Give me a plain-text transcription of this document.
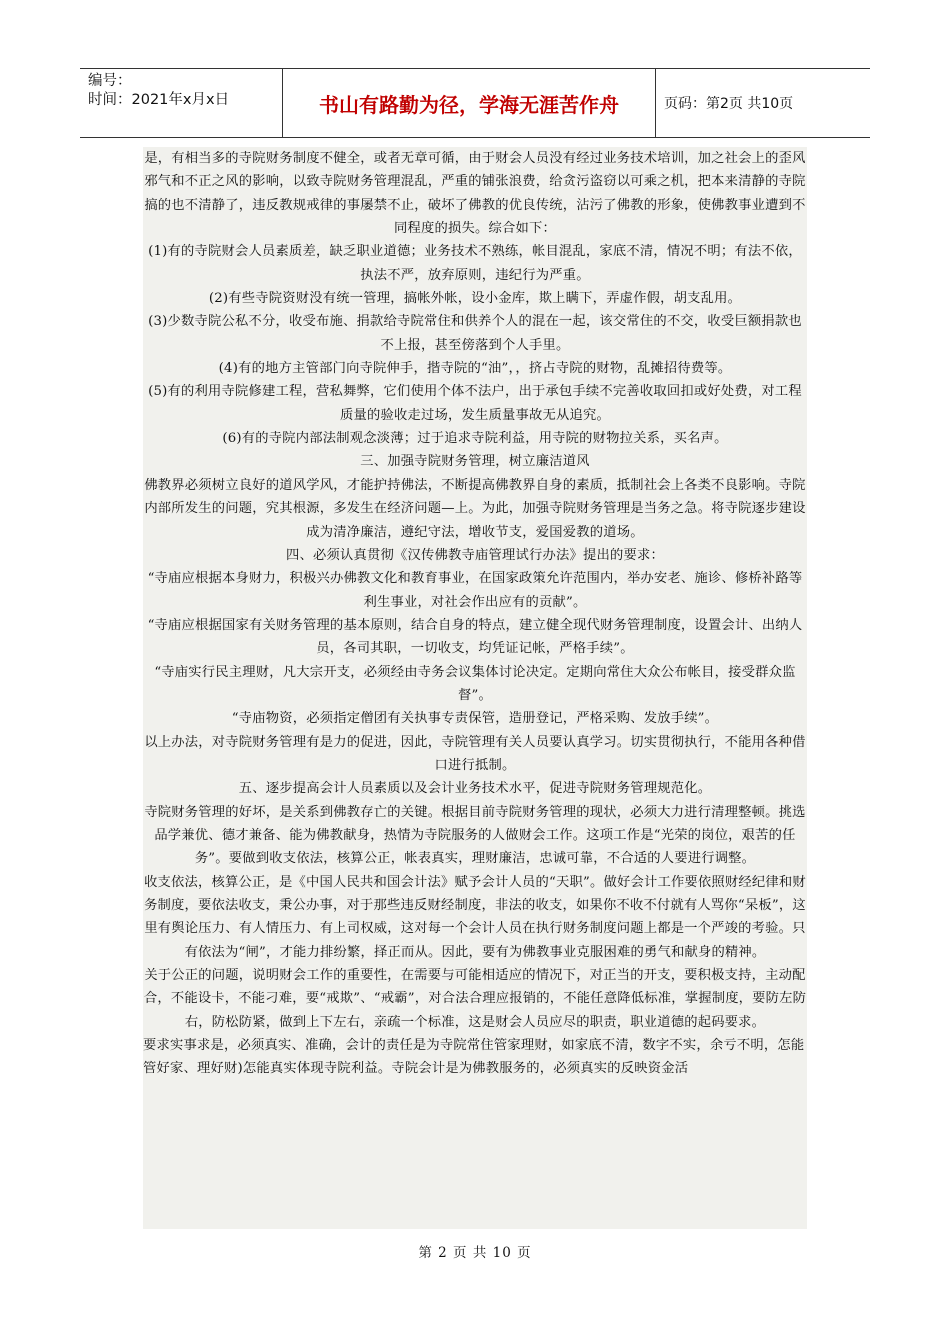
编号：
时间：2021年x月x日	书山有路勤为径，学海无涯苦作舟	页码：第2页 共10页

是，有相当多的寺院财务制度不健全，或者无章可循，由于财会人员没有经过业务技术培训，加之社会上的歪风邪气和不正之风的影响，以致寺院财务管理混乱，严重的铺张浪费，给贪污盗窃以可乘之机，把本来清静的寺院搞的也不清静了，违反教规戒律的事屡禁不止，破坏了佛教的优良传统，沾污了佛教的形象，使佛教事业遭到不同程度的损失。综合如下：

(1)有的寺院财会人员素质差，缺乏职业道德；业务技术不熟练，帐目混乱，家底不清，情况不明；有法不依，执法不严，放弃原则，违纪行为严重。

(2)有些寺院资财没有统一管理，搞帐外帐，设小金库，欺上瞒下，弄虚作假，胡支乱用。

(3)少数寺院公私不分，收受布施、捐款给寺院常住和供养个人的混在一起，该交常住的不交，收受巨额捐款也不上报，甚至傍落到个人手里。

(4)有的地方主管部门向寺院伸手，揩寺院的“油”，，挤占寺院的财物，乱摊招待费等。

(5)有的利用寺院修建工程，营私舞弊，它们使用个体不法户，出于承包手续不完善收取回扣或好处费，对工程质量的验收走过场，发生质量事故无从追究。

(6)有的寺院内部法制观念淡薄；过于追求寺院利益，用寺院的财物拉关系，买名声。

三、加强寺院财务管理，树立廉洁道风

佛教界必须树立良好的道风学风，才能护持佛法，不断提高佛教界自身的素质，抵制社会上各类不良影响。寺院内部所发生的问题，究其根源，多发生在经济问题—上。为此，加强寺院财务管理是当务之急。将寺院逐步建设成为清净廉洁，遵纪守法，增收节支，爱国爱教的道场。

四、必须认真贯彻《汉传佛教寺庙管理试行办法》提出的要求：

“寺庙应根据本身财力，积极兴办佛教文化和教育事业，在国家政策允许范围内，举办安老、施诊、修桥补路等利生事业，对社会作出应有的贡献”。

“寺庙应根据国家有关财务管理的基本原则，结合自身的特点，建立健全现代财务管理制度，设置会计、出纳人员，各司其职，一切收支，均凭证记帐，严格手续”。

“寺庙实行民主理财，凡大宗开支，必须经由寺务会议集体讨论决定。定期向常住大众公布帐目，接受群众监督”。

“寺庙物资，必须指定僧团有关执事专责保管，造册登记，严格采购、发放手续”。

以上办法，对寺院财务管理有是力的促进，因此，寺院管理有关人员要认真学习。切实贯彻执行，不能用各种借口进行抵制。

五、逐步提高会计人员素质以及会计业务技术水平，促进寺院财务管理规范化。

寺院财务管理的好坏，是关系到佛教存亡的关键。根据目前寺院财务管理的现状，必须大力进行清理整顿。挑选品学兼优、德才兼备、能为佛教献身，热情为寺院服务的人做财会工作。这项工作是“光荣的岗位，艰苦的任务”。要做到收支依法，核算公正，帐表真实，理财廉洁，忠诚可靠，不合适的人要进行调整。

收支依法，核算公正，是《中国人民共和国会计法》赋予会计人员的“天职”。做好会计工作要依照财经纪律和财务制度，要依法收支，秉公办事，对于那些违反财经制度，非法的收支，如果你不收不付就有人骂你“呆板”，这里有舆论压力、有人情压力、有上司权威，这对每一个会计人员在执行财务制度问题上都是一个严竣的考验。只有依法为“闸”，才能力排纷繁，择正而从。因此，要有为佛教事业克服困难的勇气和献身的精神。

关于公正的问题，说明财会工作的重要性，在需要与可能相适应的情况下，对正当的开支，要积极支持，主动配合，不能设卡，不能刁难，要“戒欺”、“戒霸”，对合法合理应报销的，不能任意降低标准，掌握制度，要防左防右，防松防紧，做到上下左右，亲疏一个标准，这是财会人员应尽的职责，职业道德的起码要求。

要求实事求是，必须真实、准确，会计的责任是为寺院常住管家理财，如家底不清，数字不实，余亏不明，怎能管好家、理好财)怎能真实体现寺院利益。寺院会计是为佛教服务的，必须真实的反映资金活

第 2 页 共 10 页
